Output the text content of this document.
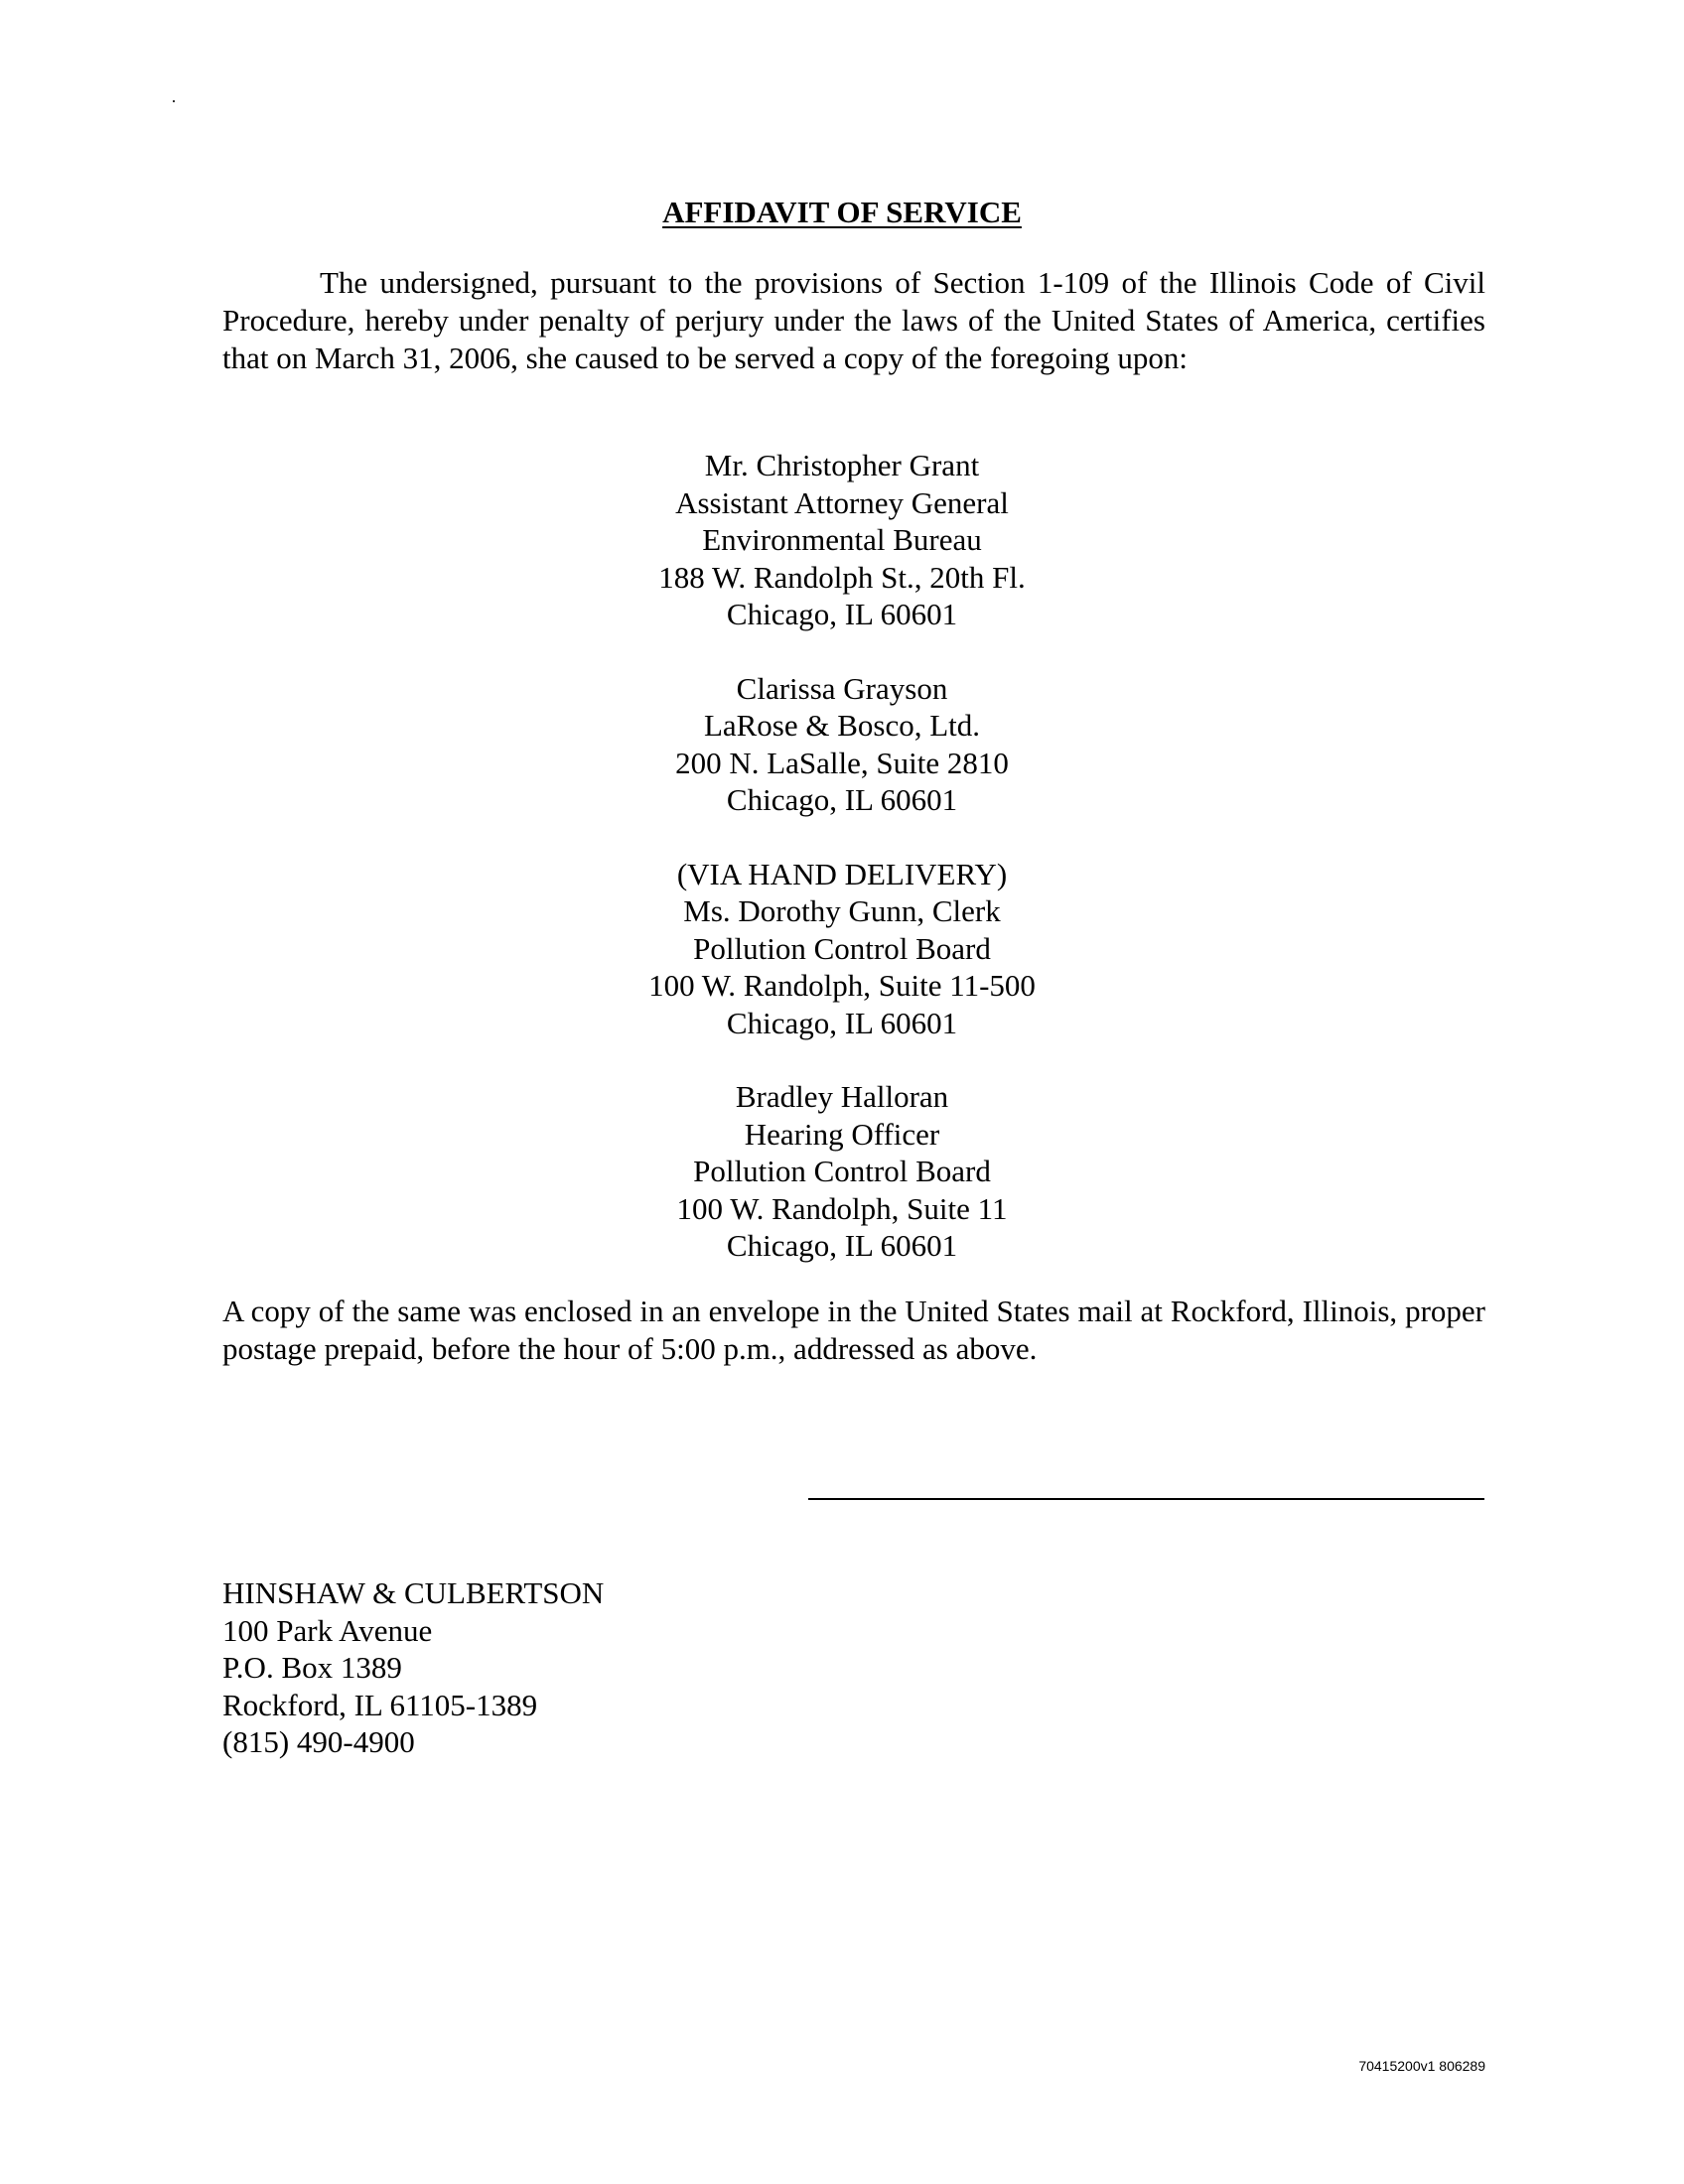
AFFIDAVIT OF SERVICE

The undersigned, pursuant to the provisions of Section 1-109 of the Illinois Code of Civil Procedure, hereby under penalty of perjury under the laws of the United States of America, certifies that on March 31, 2006, she caused to be served a copy of the foregoing upon:

Mr. Christopher Grant
Assistant Attorney General
Environmental Bureau
188 W. Randolph St., 20th Fl.
Chicago, IL 60601
Clarissa Grayson
LaRose & Bosco, Ltd.
200 N. LaSalle, Suite 2810
Chicago, IL 60601
(VIA HAND DELIVERY)
Ms. Dorothy Gunn, Clerk
Pollution Control Board
100 W. Randolph, Suite 11-500
Chicago, IL 60601
Bradley Halloran
Hearing Officer
Pollution Control Board
100 W. Randolph, Suite 11
Chicago, IL 60601

A copy of the same was enclosed in an envelope in the United States mail at Rockford, Illinois, proper postage prepaid, before the hour of 5:00 p.m., addressed as above.

HINSHAW & CULBERTSON
100 Park Avenue
P.O. Box 1389
Rockford, IL 61105-1389
(815) 490-4900
70415200v1 806289
